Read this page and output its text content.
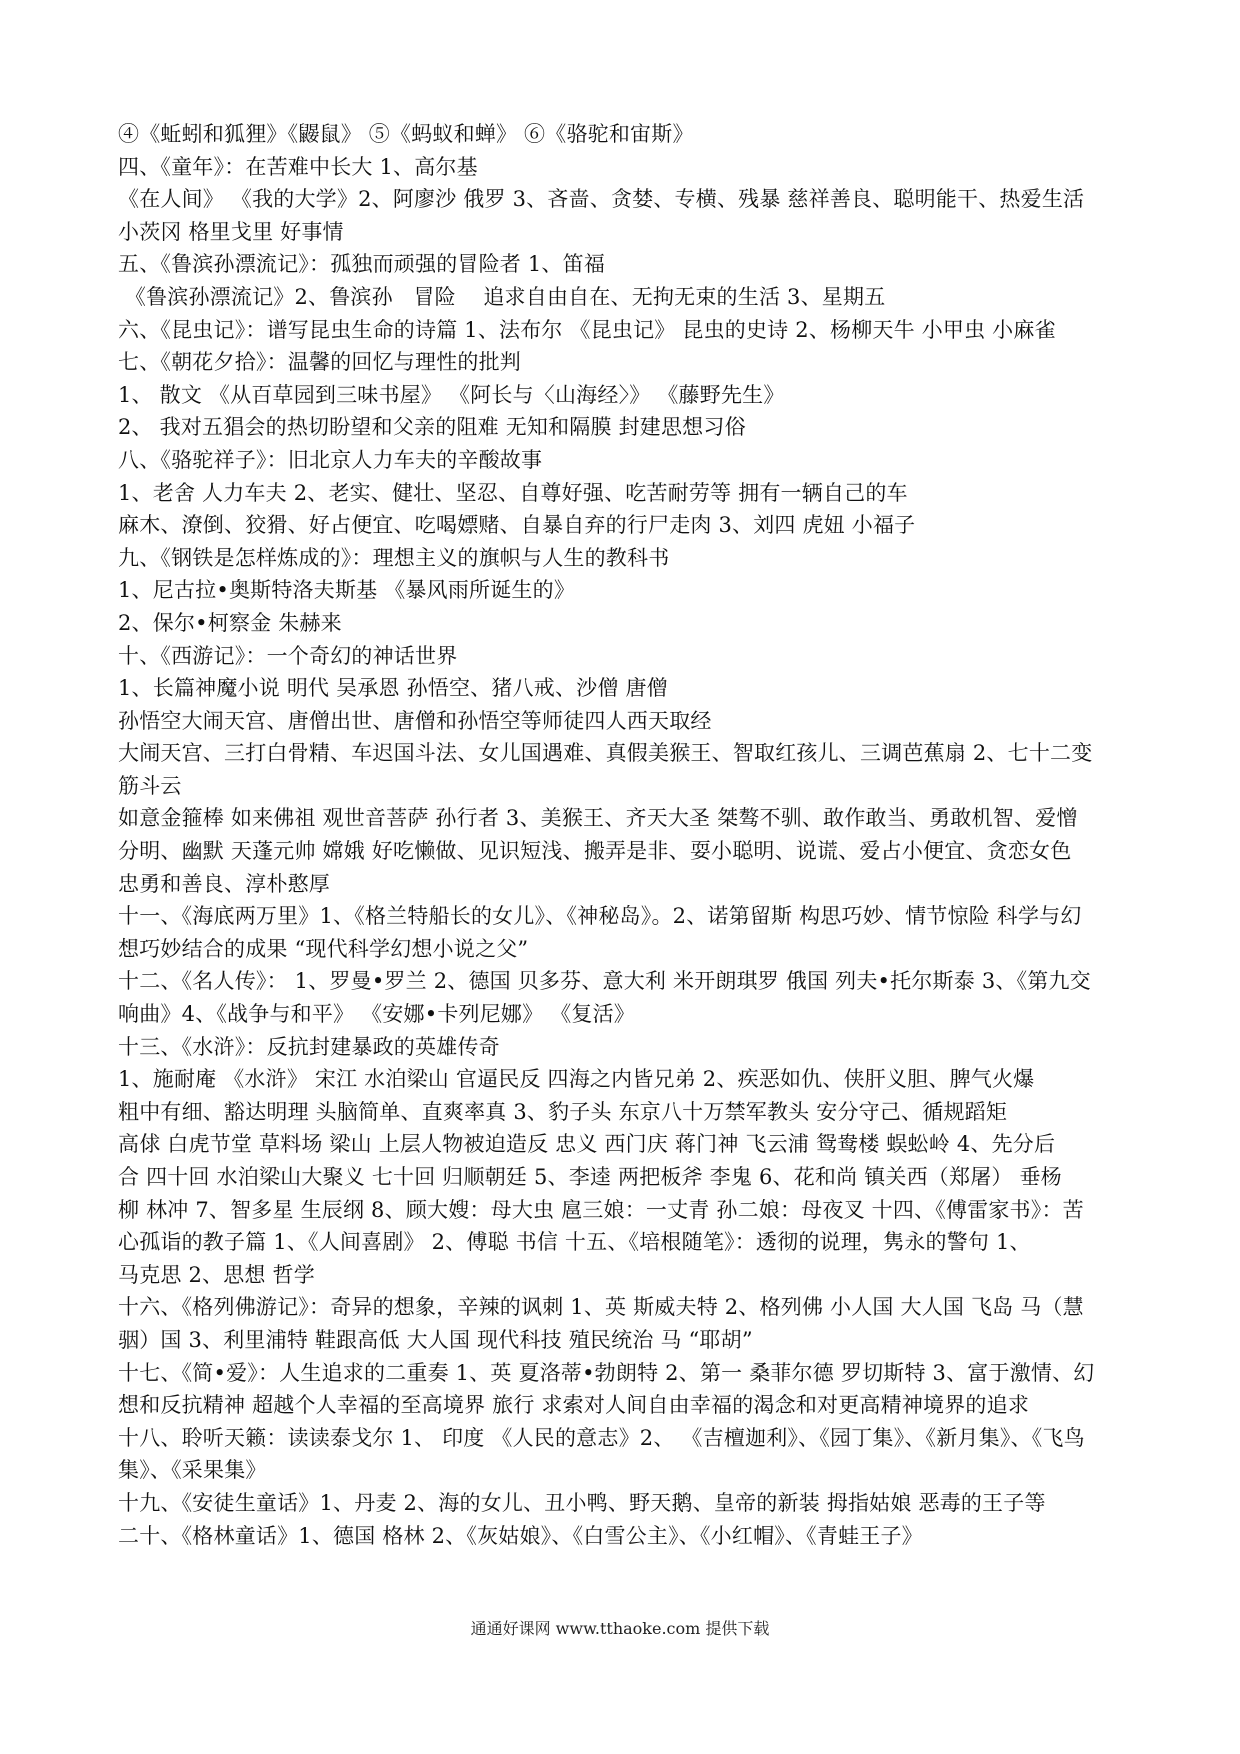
④《蚯蚓和狐狸》《鼹鼠》 ⑤《蚂蚁和蝉》 ⑥《骆驼和宙斯》

四、《童年》：在苦难中长大 1、高尔基

《在人间》 《我的大学》2、阿廖沙 俄罗 3、吝啬、贪婪、专横、残暴 慈祥善良、聪明能干、热爱生活

小茨冈 格里戈里 好事情

五、《鲁滨孙漂流记》：孤独而顽强的冒险者 1、笛福

《鲁滨孙漂流记》2、鲁滨孙   冒险    追求自由自在、无拘无束的生活 3、星期五

六、《昆虫记》：谱写昆虫生命的诗篇 1、法布尔 《昆虫记》 昆虫的史诗 2、杨柳天牛 小甲虫 小麻雀

七、《朝花夕拾》：温馨的回忆与理性的批判

1、 散文 《从百草园到三味书屋》 《阿长与〈山海经〉》 《藤野先生》

2、 我对五猖会的热切盼望和父亲的阻难 无知和隔膜 封建思想习俗

八、《骆驼祥子》：旧北京人力车夫的辛酸故事

1、老舍 人力车夫 2、老实、健壮、坚忍、自尊好强、吃苦耐劳等 拥有一辆自己的车

麻木、潦倒、狡猾、好占便宜、吃喝嫖赌、自暴自弃的行尸走肉 3、刘四 虎妞 小福子

九、《钢铁是怎样炼成的》：理想主义的旗帜与人生的教科书

1、尼古拉•奥斯特洛夫斯基 《暴风雨所诞生的》

2、保尔•柯察金 朱赫来

十、《西游记》：一个奇幻的神话世界

1、长篇神魔小说 明代 吴承恩 孙悟空、猪八戒、沙僧 唐僧

孙悟空大闹天宫、唐僧出世、唐僧和孙悟空等师徒四人西天取经

大闹天宫、三打白骨精、车迟国斗法、女儿国遇难、真假美猴王、智取红孩儿、三调芭蕉扇 2、七十二变

筋斗云

如意金箍棒 如来佛祖 观世音菩萨 孙行者 3、美猴王、齐天大圣 桀骜不驯、敢作敢当、勇敢机智、爱憎

分明、幽默 天蓬元帅 嫦娥 好吃懒做、见识短浅、搬弄是非、耍小聪明、说谎、爱占小便宜、贪恋女色

忠勇和善良、淳朴憨厚

十一、《海底两万里》1、《格兰特船长的女儿》、《神秘岛》。2、诺第留斯 构思巧妙、情节惊险 科学与幻

想巧妙结合的成果 “现代科学幻想小说之父”

十二、《名人传》： 1、罗曼•罗兰 2、德国 贝多芬、意大利 米开朗琪罗 俄国 列夫•托尔斯泰 3、《第九交

响曲》4、《战争与和平》 《安娜•卡列尼娜》 《复活》

十三、《水浒》：反抗封建暴政的英雄传奇

1、施耐庵 《水浒》 宋江 水泊梁山 官逼民反 四海之内皆兄弟 2、疾恶如仇、侠肝义胆、脾气火爆

粗中有细、豁达明理 头脑简单、直爽率真 3、豹子头 东京八十万禁军教头 安分守己、循规蹈矩

高俅 白虎节堂 草料场 梁山 上层人物被迫造反 忠义 西门庆 蒋门神 飞云浦 鸳鸯楼 蜈蚣岭 4、先分后

合 四十回 水泊梁山大聚义 七十回 归顺朝廷 5、李逵 两把板斧 李鬼 6、花和尚 镇关西（郑屠） 垂杨

柳 林冲 7、智多星 生辰纲 8、顾大嫂：母大虫 扈三娘：一丈青 孙二娘：母夜叉 十四、《傅雷家书》：苦

心孤诣的教子篇 1、《人间喜剧》 2、傅聪 书信 十五、《培根随笔》：透彻的说理，隽永的警句 1、

马克思 2、思想 哲学

十六、《格列佛游记》：奇异的想象，辛辣的讽刺 1、英 斯威夫特 2、格列佛 小人国 大人国 飞岛 马（慧

骃）国 3、利里浦特 鞋跟高低 大人国 现代科技 殖民统治 马 “耶胡”

十七、《简•爱》：人生追求的二重奏 1、英 夏洛蒂•勃朗特 2、第一 桑菲尔德 罗切斯特 3、富于激情、幻

想和反抗精神 超越个人幸福的至高境界 旅行 求索对人间自由幸福的渴念和对更高精神境界的追求

十八、聆听天籁：读读泰戈尔 1、 印度 《人民的意志》2、 《吉檀迦利》、《园丁集》、《新月集》、《飞鸟

集》、《采果集》

十九、《安徒生童话》1、丹麦 2、海的女儿、丑小鸭、野天鹅、皇帝的新装 拇指姑娘 恶毒的王子等

二十、《格林童话》1、德国 格林 2、《灰姑娘》、《白雪公主》、《小红帽》、《青蛙王子》

通通好课网 www.tthaoke.com 提供下载
